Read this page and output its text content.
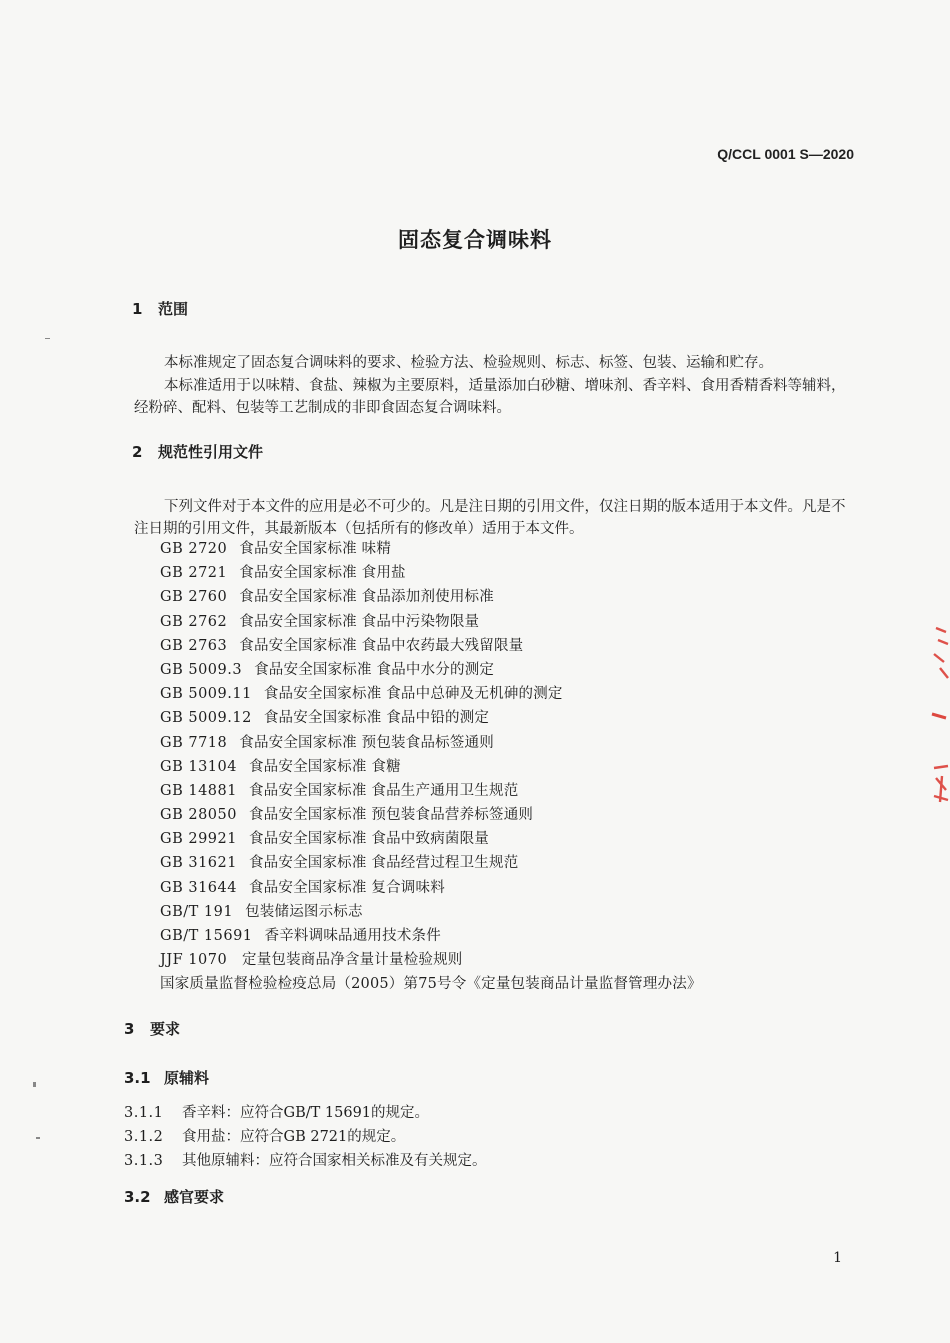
Q/CCL 0001 S—2020
固态复合调味料
1 范围
本标准规定了固态复合调味料的要求、检验方法、检验规则、标志、标签、包装、运输和贮存。
本标准适用于以味精、食盐、辣椒为主要原料，适量添加白砂糖、增味剂、香辛料、食用香精香料等辅料，经粉碎、配料、包装等工艺制成的非即食固态复合调味料。
2 规范性引用文件
下列文件对于本文件的应用是必不可少的。凡是注日期的引用文件，仅注日期的版本适用于本文件。凡是不注日期的引用文件，其最新版本（包括所有的修改单）适用于本文件。
GB 2720 食品安全国家标准 味精
GB 2721 食品安全国家标准 食用盐
GB 2760 食品安全国家标准 食品添加剂使用标准
GB 2762 食品安全国家标准 食品中污染物限量
GB 2763 食品安全国家标准 食品中农药最大残留限量
GB 5009.3 食品安全国家标准 食品中水分的测定
GB 5009.11 食品安全国家标准 食品中总砷及无机砷的测定
GB 5009.12 食品安全国家标准 食品中铅的测定
GB 7718 食品安全国家标准 预包装食品标签通则
GB 13104 食品安全国家标准 食糖
GB 14881 食品安全国家标准 食品生产通用卫生规范
GB 28050 食品安全国家标准 预包装食品营养标签通则
GB 29921 食品安全国家标准 食品中致病菌限量
GB 31621 食品安全国家标准 食品经营过程卫生规范
GB 31644 食品安全国家标准 复合调味料
GB/T 191 包装储运图示标志
GB/T 15691 香辛料调味品通用技术条件
JJF 1070 定量包装商品净含量计量检验规则
国家质量监督检验检疫总局（2005）第75号令《定量包装商品计量监督管理办法》
3 要求
3.1 原辅料
3.1.1 香辛料：应符合GB/T 15691的规定。
3.1.2 食用盐：应符合GB 2721的规定。
3.1.3 其他原辅料：应符合国家相关标准及有关规定。
3.2 感官要求
1
